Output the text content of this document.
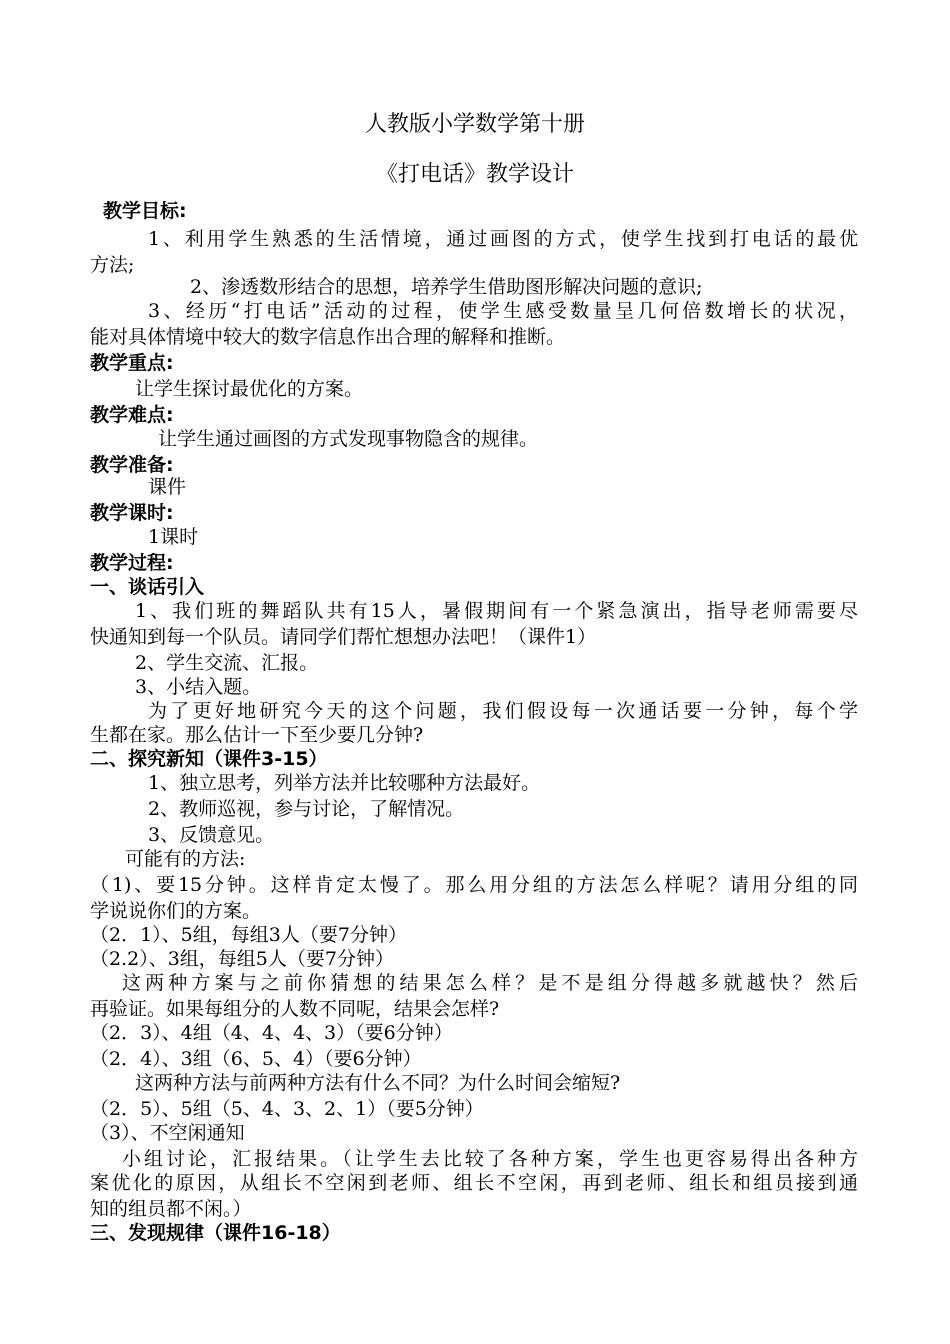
人教版小学数学第十册
《打电话》教学设计
教学目标:
1、利用学生熟悉的生活情境，通过画图的方式，使学生找到打电话的最优
方法;
2、渗透数形结合的思想，培养学生借助图形解决问题的意识;
3、经历“打电话”活动的过程，使学生感受数量呈几何倍数增长的状况，
能对具体情境中较大的数字信息作出合理的解释和推断。
教学重点:
让学生探讨最优化的方案。
教学难点:
让学生通过画图的方式发现事物隐含的规律。
教学准备:
课件
教学课时:
1课时
教学过程:
一、谈话引入
1、我们班的舞蹈队共有15人，暑假期间有一个紧急演出，指导老师需要尽
快通知到每一个队员。请同学们帮忙想想办法吧！（课件1）
2、学生交流、汇报。
3、小结入题。
为了更好地研究今天的这个问题，我们假设每一次通话要一分钟，每个学
生都在家。那么估计一下至少要几分钟?
二、探究新知（课件3-15）
1、独立思考，列举方法并比较哪种方法最好。
2、教师巡视，参与讨论，了解情况。
3、反馈意见。
可能有的方法:
（1)、要15分钟。这样肯定太慢了。那么用分组的方法怎么样呢？请用分组的同
学说说你们的方案。
（2．1）、5组，每组3人（要7分钟）
（2.2）、3组，每组5人（要7分钟）
这两种方案与之前你猜想的结果怎么样？是不是组分得越多就越快？然后
再验证。如果每组分的人数不同呢，结果会怎样?
（2．3）、4组（4、4、4、3）（要6分钟）
（2．4）、3组（6、5、4）（要6分钟）
这两种方法与前两种方法有什么不同？为什么时间会缩短?
（2．5）、5组（5、4、3、2、1）（要5分钟）
（3）、不空闲通知
小组讨论，汇报结果。（让学生去比较了各种方案，学生也更容易得出各种方
案优化的原因，从组长不空闲到老师、组长不空闲，再到老师、组长和组员接到通
知的组员都不闲。）
三、发现规律（课件16-18）
